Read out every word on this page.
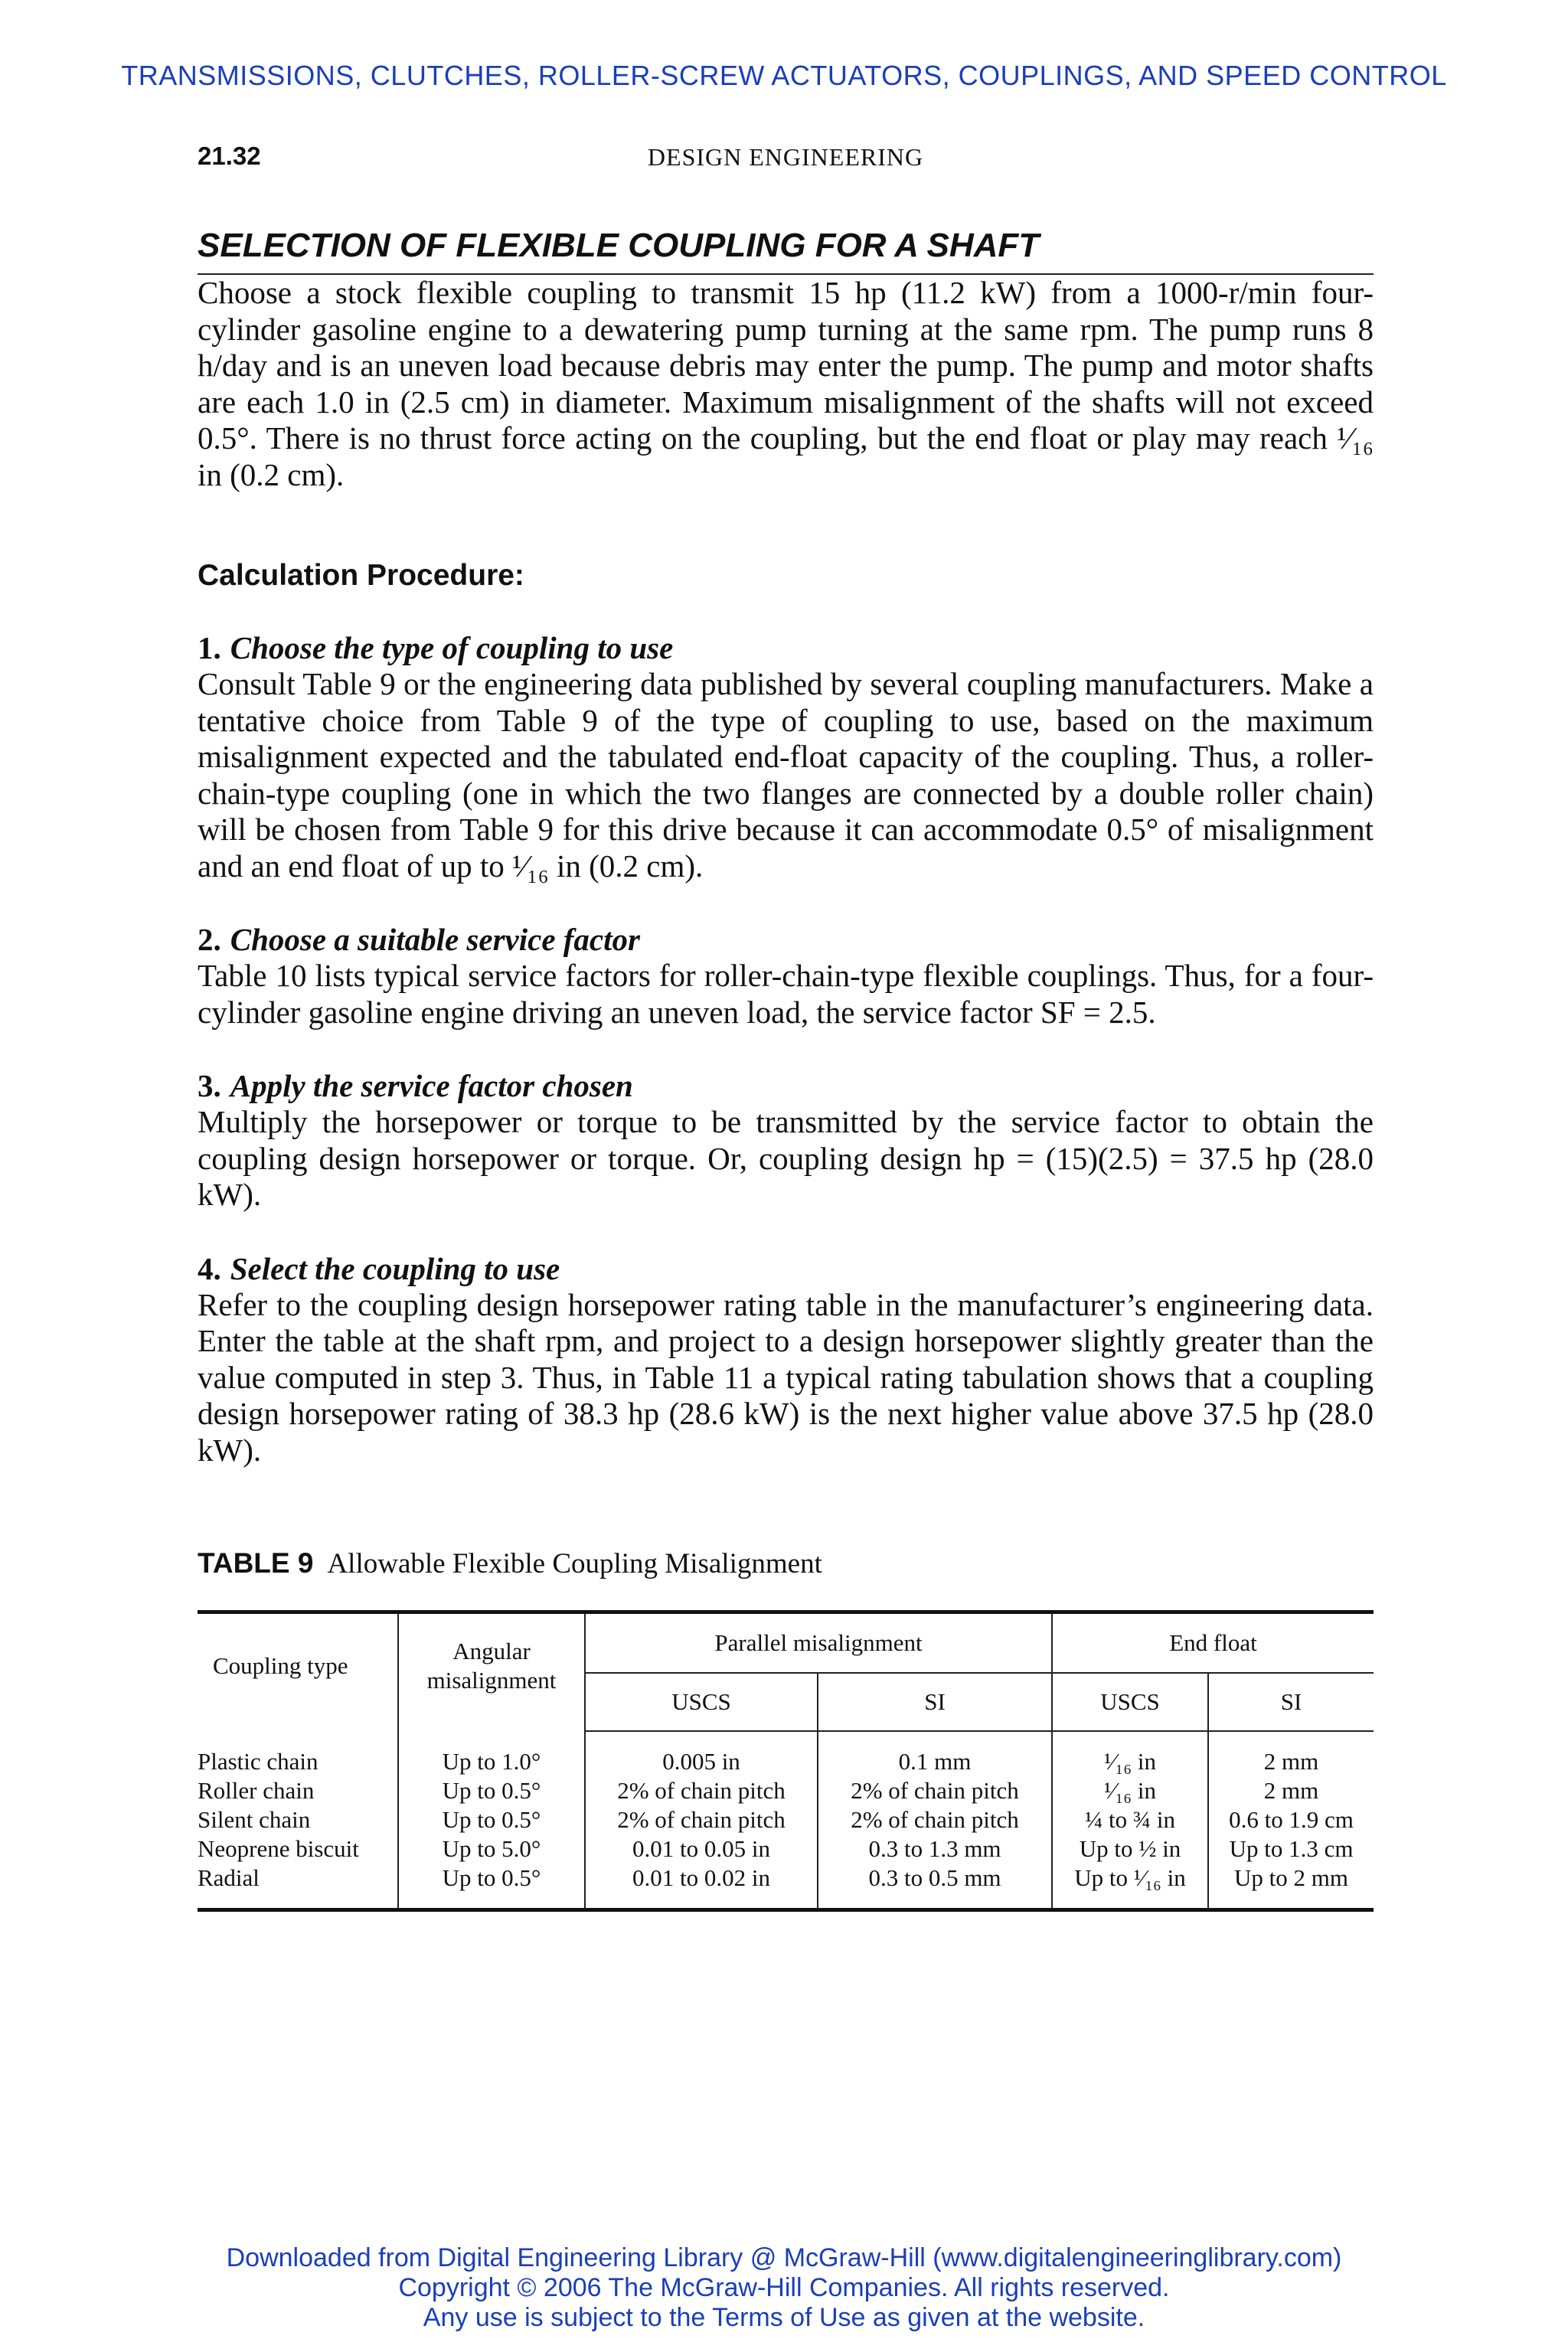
TRANSMISSIONS, CLUTCHES, ROLLER-SCREW ACTUATORS, COUPLINGS, AND SPEED CONTROL
21.32	DESIGN ENGINEERING
SELECTION OF FLEXIBLE COUPLING FOR A SHAFT

Choose a stock flexible coupling to transmit 15 hp (11.2 kW) from a 1000-r/min four-cylinder gasoline engine to a dewatering pump turning at the same rpm. The pump runs 8 h/day and is an uneven load because debris may enter the pump. The pump and motor shafts are each 1.0 in (2.5 cm) in diameter. Maximum misalignment of the shafts will not exceed 0.5°. There is no thrust force acting on the coupling, but the end float or play may reach ¹⁄₁₆ in (0.2 cm).

Calculation Procedure:
1. Choose the type of coupling to use

Consult Table 9 or the engineering data published by several coupling manufacturers. Make a tentative choice from Table 9 of the type of coupling to use, based on the maximum misalignment expected and the tabulated end-float capacity of the coupling. Thus, a roller-chain-type coupling (one in which the two flanges are connected by a double roller chain) will be chosen from Table 9 for this drive because it can accommodate 0.5° of misalignment and an end float of up to ¹⁄₁₆ in (0.2 cm).

2. Choose a suitable service factor

Table 10 lists typical service factors for roller-chain-type flexible couplings. Thus, for a four-cylinder gasoline engine driving an uneven load, the service factor SF = 2.5.

3. Apply the service factor chosen

Multiply the horsepower or torque to be transmitted by the service factor to obtain the coupling design horsepower or torque. Or, coupling design hp = (15)(2.5) = 37.5 hp (28.0 kW).

4. Select the coupling to use

Refer to the coupling design horsepower rating table in the manufacturer’s engineering data. Enter the table at the shaft rpm, and project to a design horsepower slightly greater than the value computed in step 3. Thus, in Table 11 a typical rating tabulation shows that a coupling design horsepower rating of 38.3 hp (28.6 kW) is the next higher value above 37.5 hp (28.0 kW).

TABLE 9 Allowable Flexible Coupling Misalignment
Coupling type	Angular
misalignment	Parallel misalignment		End float	
		USCS	SI	USCS	SI
Plastic chain	Up to 1.0°	0.005 in	0.1 mm	¹⁄₁₆ in	2 mm
Roller chain	Up to 0.5°	2% of chain pitch	2% of chain pitch	¹⁄₁₆ in	2 mm
Silent chain	Up to 0.5°	2% of chain pitch	2% of chain pitch	¼ to ¾ in	0.6 to 1.9 cm
Neoprene biscuit	Up to 5.0°	0.01 to 0.05 in	0.3 to 1.3 mm	Up to ½ in	Up to 1.3 cm
Radial	Up to 0.5°	0.01 to 0.02 in	0.3 to 0.5 mm	Up to ¹⁄₁₆ in	Up to 2 mm
Downloaded from Digital Engineering Library @ McGraw-Hill (www.digitalengineeringlibrary.com)
Copyright © 2006 The McGraw-Hill Companies. All rights reserved.
Any use is subject to the Terms of Use as given at the website.
